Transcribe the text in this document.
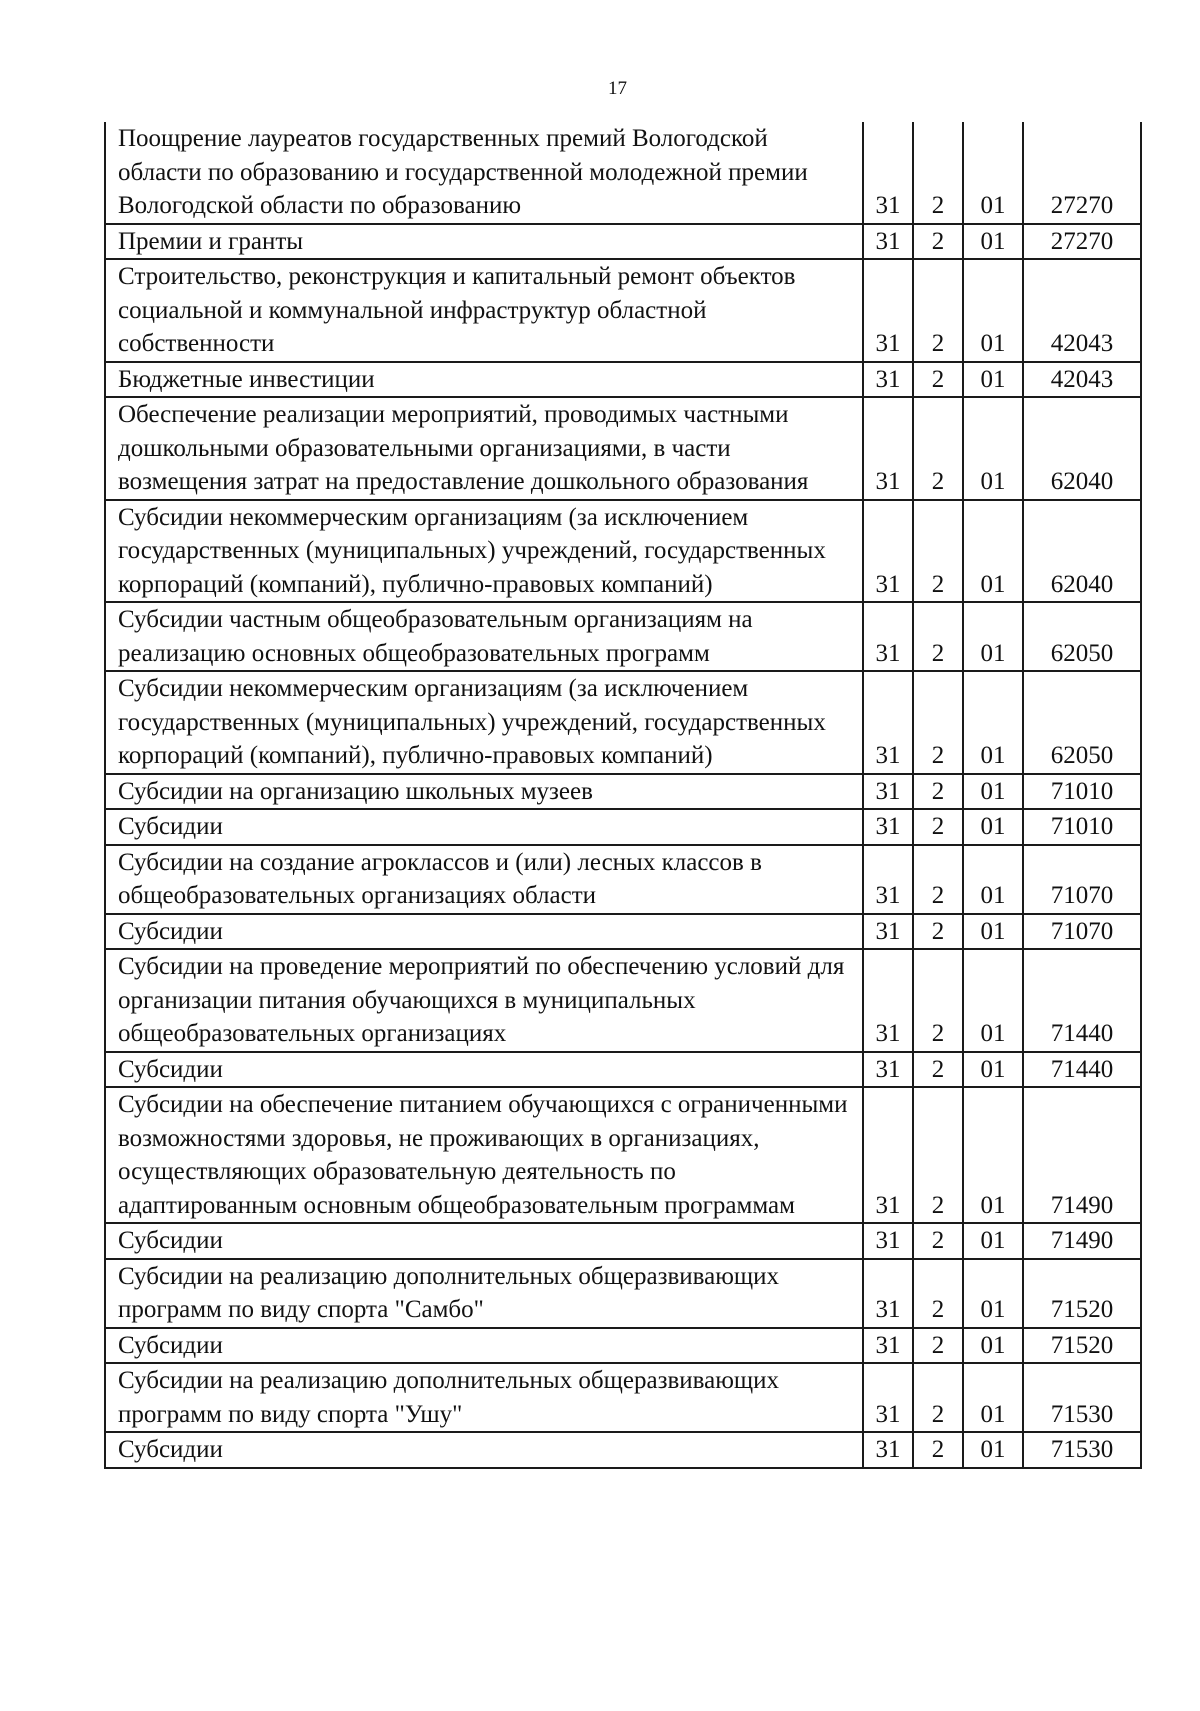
17
Поощрение лауреатов государственных премий Вологодской области по образованию и государственной молодежной премии Вологодской области по образованию	31	2	01	27270
Премии и гранты	31	2	01	27270
Строительство, реконструкция и капитальный ремонт объектов социальной и коммунальной инфраструктур областной собственности	31	2	01	42043
Бюджетные инвестиции	31	2	01	42043
Обеспечение реализации мероприятий, проводимых частными дошкольными образовательными организациями, в части возмещения затрат на предоставление дошкольного образования	31	2	01	62040
Субсидии некоммерческим организациям (за исключением государственных (муниципальных) учреждений, государственных корпораций (компаний), публично-правовых компаний)	31	2	01	62040
Субсидии частным общеобразовательным организациям на реализацию основных общеобразовательных программ	31	2	01	62050
Субсидии некоммерческим организациям (за исключением государственных (муниципальных) учреждений, государственных корпораций (компаний), публично-правовых компаний)	31	2	01	62050
Субсидии на организацию школьных музеев	31	2	01	71010
Субсидии	31	2	01	71010
Субсидии на создание агроклассов и (или) лесных классов в общеобразовательных организациях области	31	2	01	71070
Субсидии	31	2	01	71070
Субсидии на проведение мероприятий по обеспечению условий для организации питания обучающихся в муниципальных общеобразовательных организациях	31	2	01	71440
Субсидии	31	2	01	71440
Субсидии на обеспечение питанием обучающихся с ограниченными возможностями здоровья, не проживающих в организациях, осуществляющих образовательную деятельность по адаптированным основным общеобразовательным программам	31	2	01	71490
Субсидии	31	2	01	71490
Субсидии на реализацию дополнительных общеразвивающих программ по виду спорта "Самбо"	31	2	01	71520
Субсидии	31	2	01	71520
Субсидии на реализацию дополнительных общеразвивающих программ по виду спорта "Ушу"	31	2	01	71530
Субсидии	31	2	01	71530
